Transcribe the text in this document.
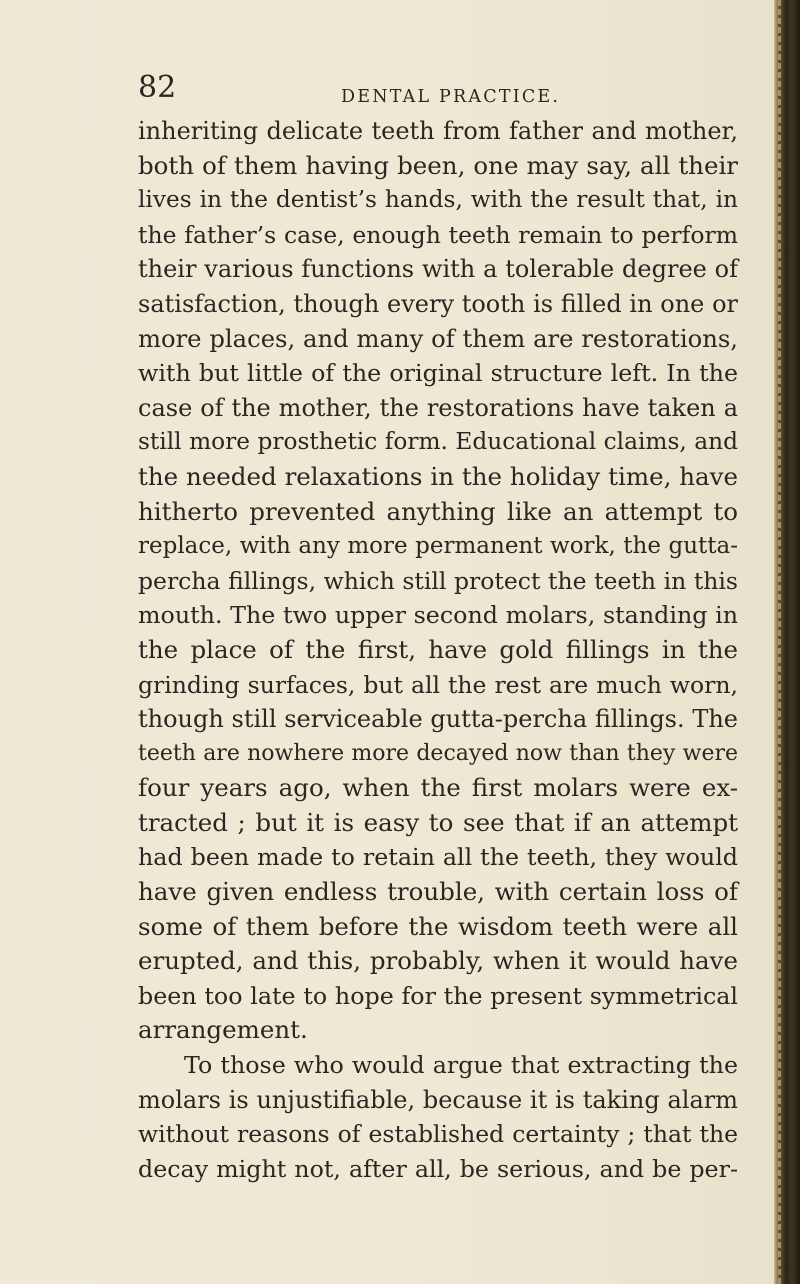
82	DENTAL PRACTICE.
inheriting delicate teeth from father and mother,
both of them having been, one may say, all their
lives in the dentist’s hands, with the result that, in
the father’s case, enough teeth remain to perform
their various functions with a tolerable degree of
satisfaction, though every tooth is filled in one or
more places, and many of them are restorations,
with but little of the original structure left. In the
case of the mother, the restorations have taken a
still more prosthetic form. Educational claims, and
the needed relaxations in the holiday time, have
hitherto prevented anything like an attempt to
replace, with any more permanent work, the gutta-
percha fillings, which still protect the teeth in this
mouth. The two upper second molars, standing in
the place of the first, have gold fillings in the
grinding surfaces, but all the rest are much worn,
though still serviceable gutta-percha fillings. The
teeth are nowhere more decayed now than they were
four years ago, when the first molars were ex-
tracted ; but it is easy to see that if an attempt
had been made to retain all the teeth, they would
have given endless trouble, with certain loss of
some of them before the wisdom teeth were all
erupted, and this, probably, when it would have
been too late to hope for the present symmetrical
arrangement.
To those who would argue that extracting the
molars is unjustifiable, because it is taking alarm
without reasons of established certainty ; that the
decay might not, after all, be serious, and be per-
